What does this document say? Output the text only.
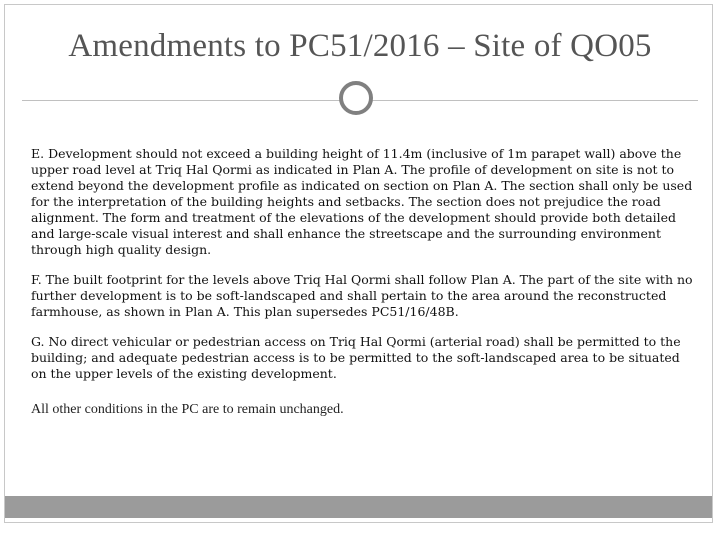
Amendments to PC51/2016 – Site of QO05

E. Development should not exceed a building height of 11.4m (inclusive of 1m parapet wall) above the upper road level at Triq Hal Qormi as indicated in Plan A. The profile of development on site is not to extend beyond the development profile as indicated on section on Plan A. The section shall only be used for the interpretation of the building heights and setbacks. The section does not prejudice the road alignment. The form and treatment of the elevations of the development should provide both detailed and large-scale visual interest and shall enhance the streetscape and the surrounding environment through high quality design.

F. The built footprint for the levels above Triq Hal Qormi shall follow Plan A. The part of the site with no further development is to be soft-landscaped and shall pertain to the area around the reconstructed farmhouse, as shown in Plan A. This plan supersedes PC51/16/48B.

G. No direct vehicular or pedestrian access on Triq Hal Qormi (arterial road) shall be permitted to the building; and adequate pedestrian access is to be permitted to the soft-landscaped area to be situated on the upper levels of the existing development.

All other conditions in the PC are to remain unchanged.
